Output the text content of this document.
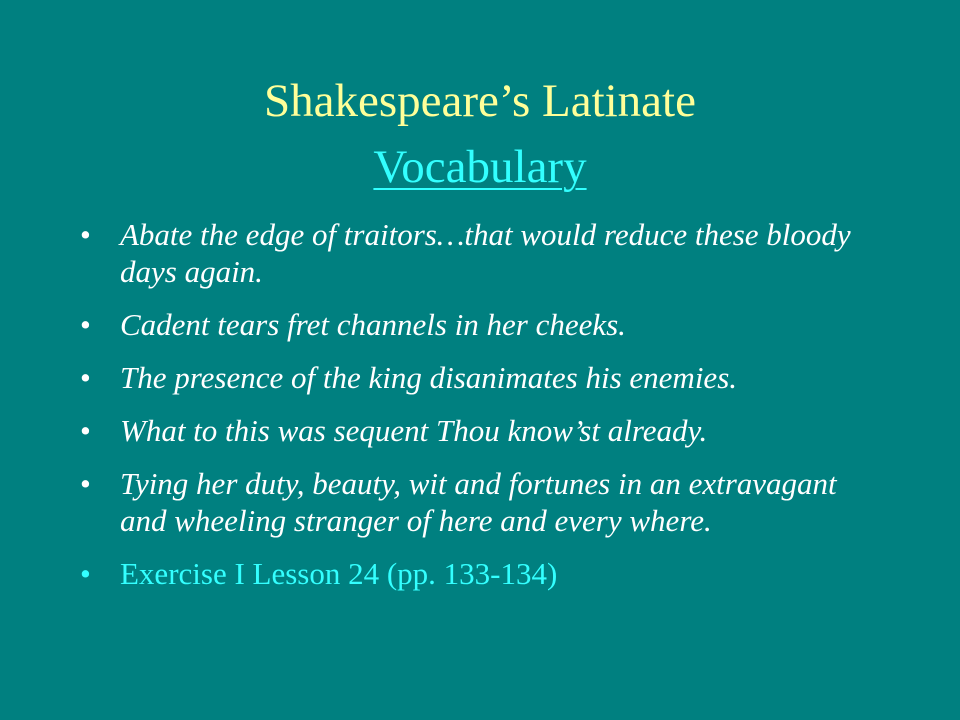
Shakespeare’s Latinate
Vocabulary
• Abate the edge of traitors…that would reduce these bloody days again.
• Cadent tears fret channels in her cheeks.
• The presence of the king disanimates his enemies.
• What to this was sequent Thou know’st already.
• Tying her duty, beauty, wit and fortunes in an extravagant and wheeling stranger of here and every where.
• Exercise I Lesson 24 (pp. 133-134)
